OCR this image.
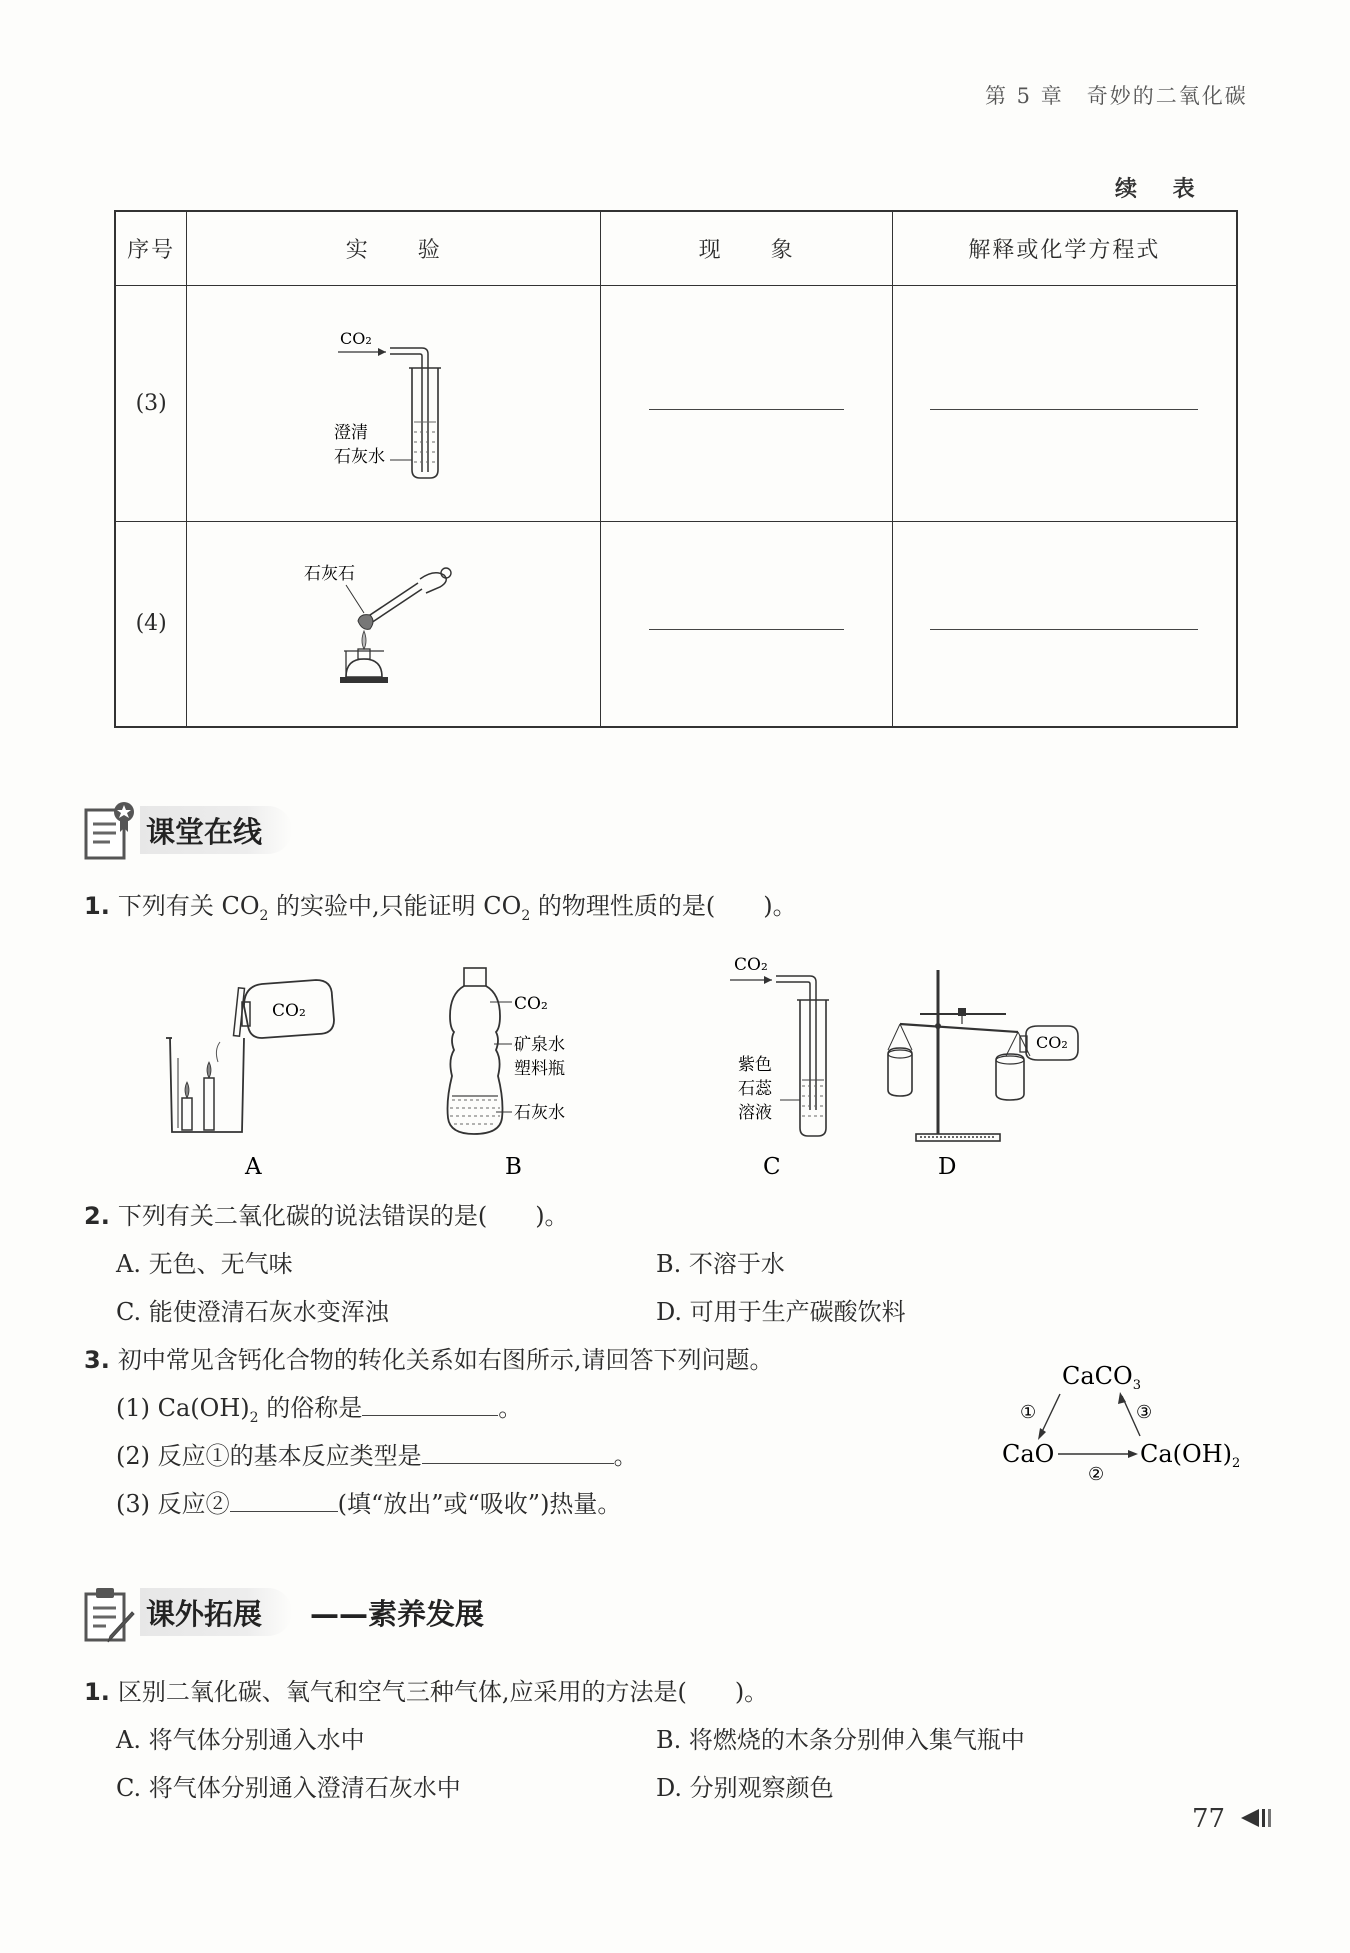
第 5 章　奇妙的二氧化碳
续 表
序号	实　　验	现　　象	解释或化学方程式
(3)	CO₂
澄清
石灰水		

(4)	石灰石		

课堂在线
1. 下列有关 $CO_2$ 的实验中,只能证明 $CO_2$ 的物理性质的是(　　)。
CO₂
A
CO₂
矿泉水
塑料瓶
石灰水
B
CO₂
紫色
石蕊
溶液
C
CO₂
D
2. 下列有关二氧化碳的说法错误的是(　　)。
A. 无色、无气味	B. 不溶于水
C. 能使澄清石灰水变浑浊	D. 可用于生产碳酸饮料
3. 初中常见含钙化合物的转化关系如右图所示,请回答下列问题。
(1) $Ca(OH)_2$ 的俗称是	。
(2) 反应①的基本反应类型是	。
(3) 反应②	(填“放出”或“吸收”)热量。
CaCO$_3$
CaO	$Ca(OH)_2$
①	③
②
课外拓展 ——素养发展
1. 区别二氧化碳、氧气和空气三种气体,应采用的方法是(　　)。
A. 将气体分别通入水中	B. 将燃烧的木条分别伸入集气瓶中
C. 将气体分别通入澄清石灰水中	D. 分别观察颜色
77
